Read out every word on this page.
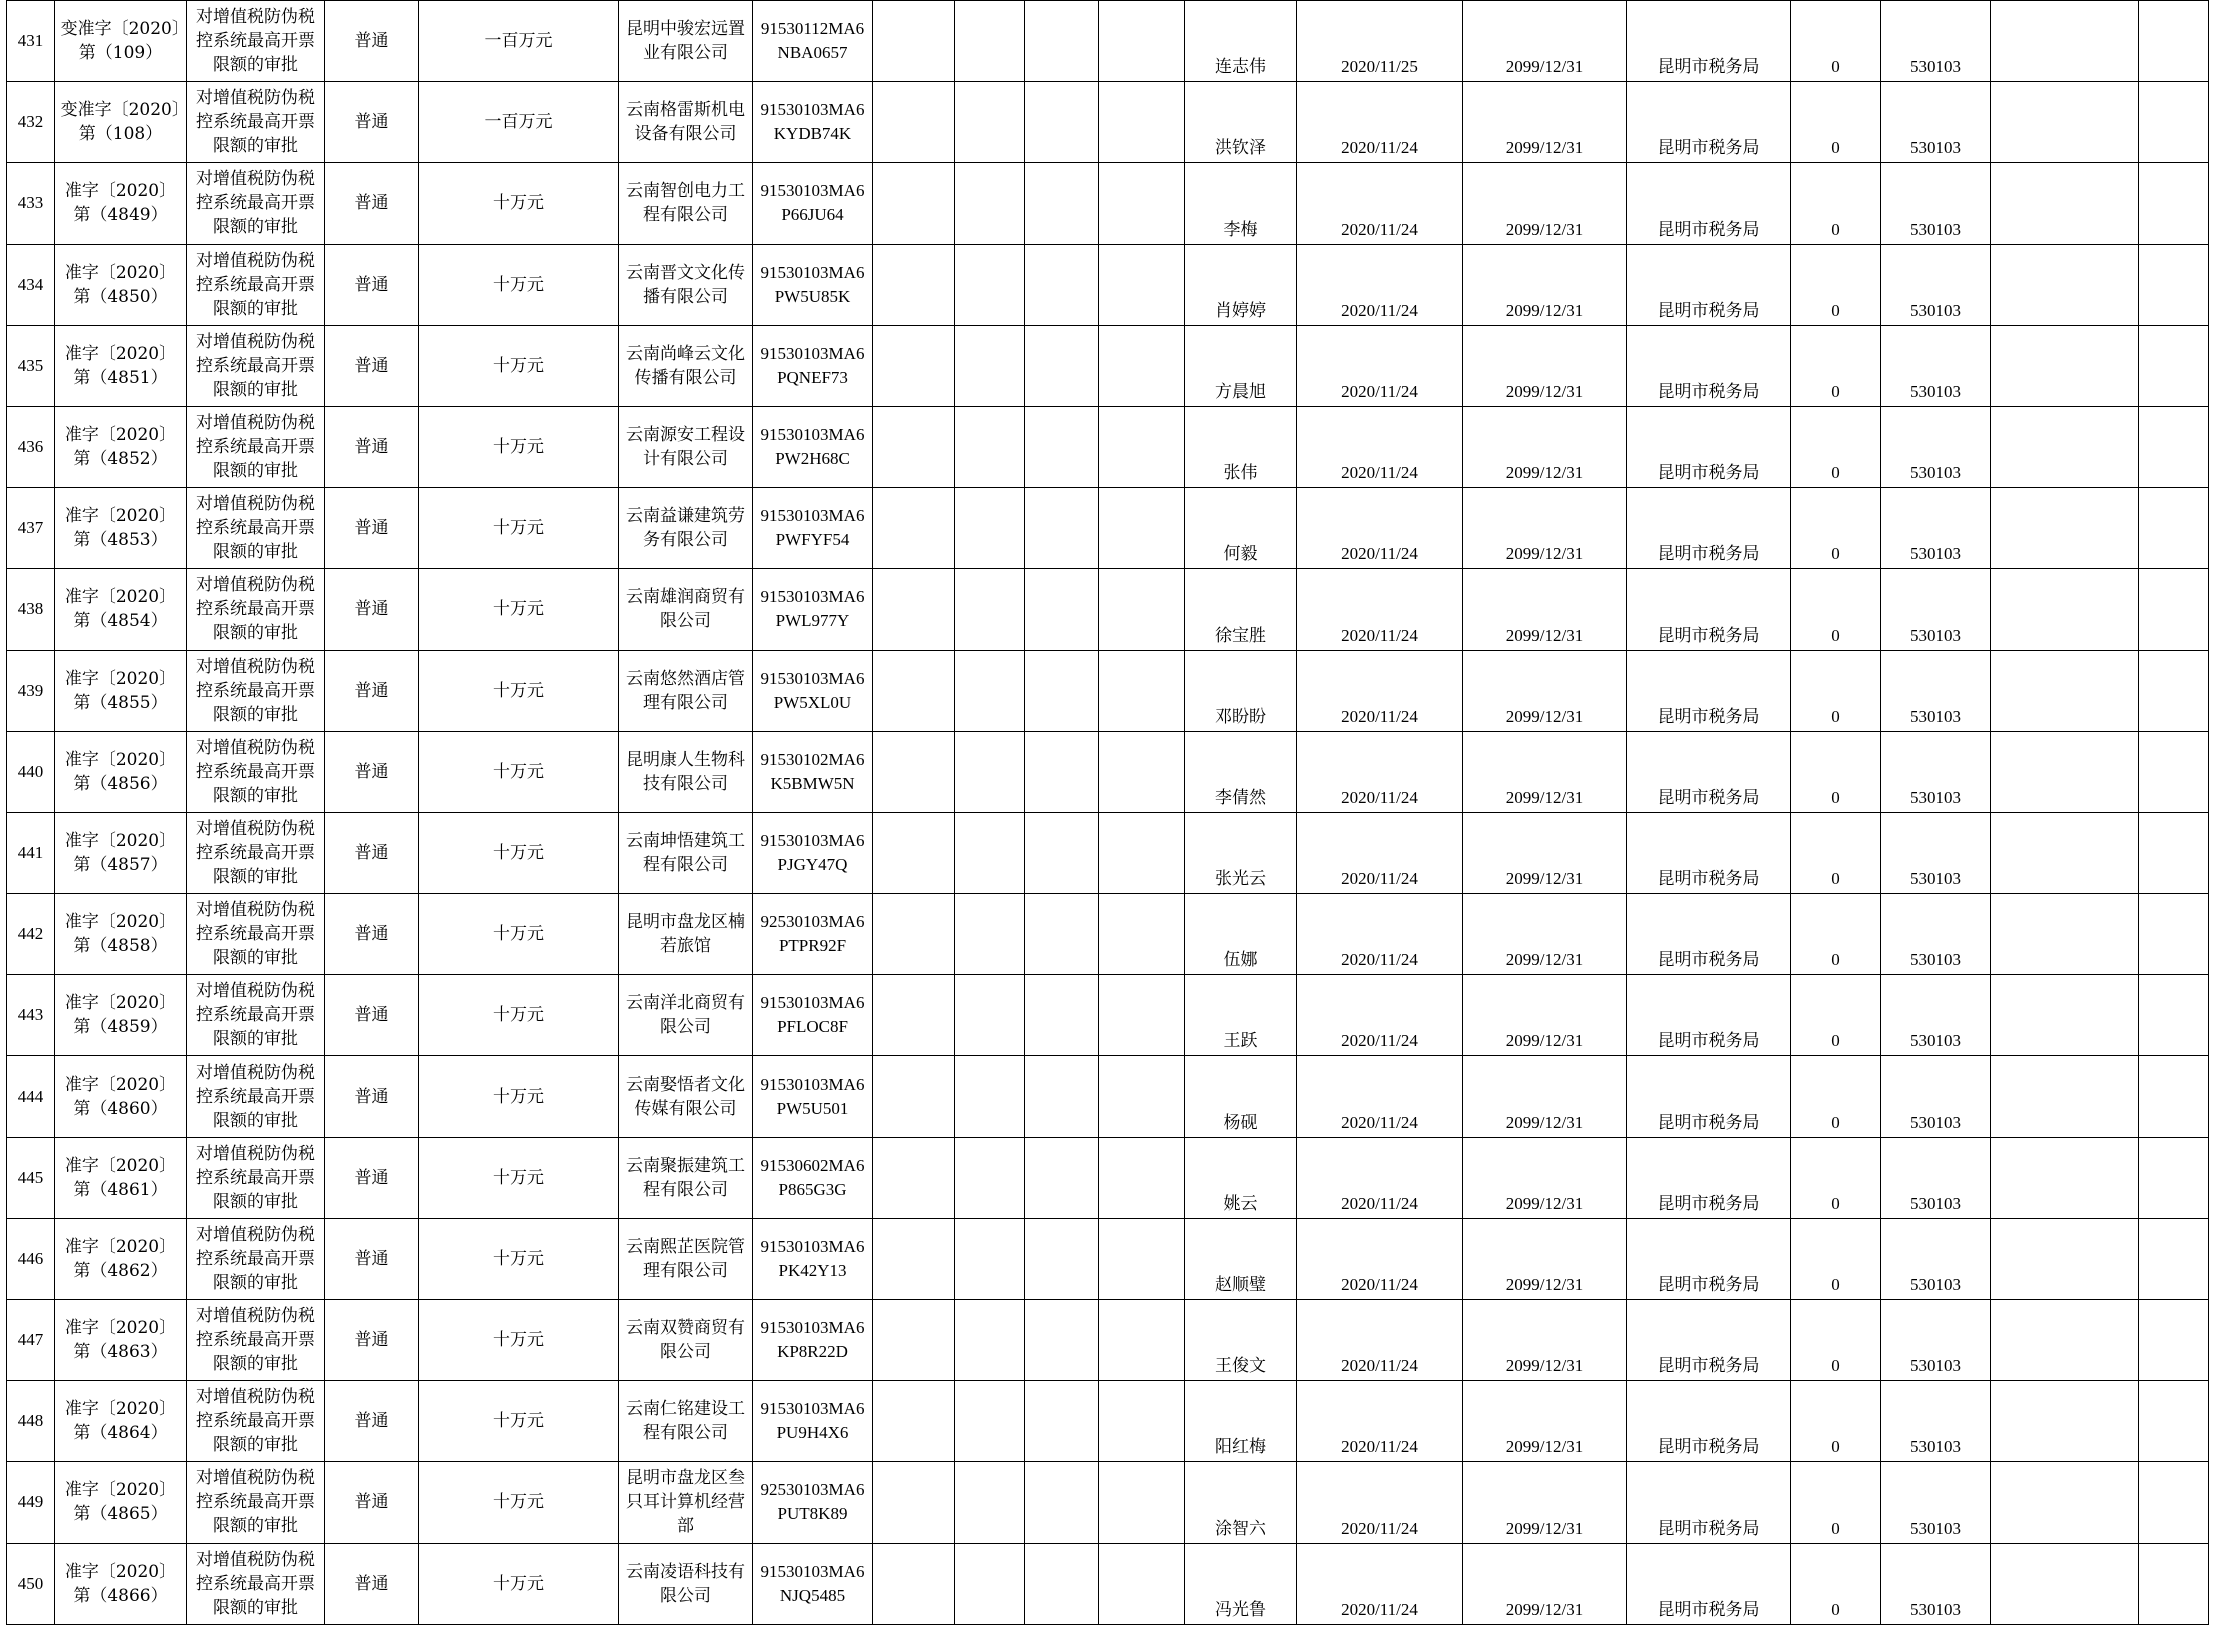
431	变准字〔2020〕第（109）	对增值税防伪税控系统最高开票限额的审批	普通	一百万元	昆明中骏宏远置业有限公司	91530112MA6NBA0657					连志伟	2020/11/25	2099/12/31	昆明市税务局	0	530103		
432	变准字〔2020〕第（108）	对增值税防伪税控系统最高开票限额的审批	普通	一百万元	云南格雷斯机电设备有限公司	91530103MA6KYDB74K					洪钦泽	2020/11/24	2099/12/31	昆明市税务局	0	530103		
433	准字〔2020〕第（4849）	对增值税防伪税控系统最高开票限额的审批	普通	十万元	云南智创电力工程有限公司	91530103MA6P66JU64					李梅	2020/11/24	2099/12/31	昆明市税务局	0	530103		
434	准字〔2020〕第（4850）	对增值税防伪税控系统最高开票限额的审批	普通	十万元	云南晋文文化传播有限公司	91530103MA6PW5U85K					肖婷婷	2020/11/24	2099/12/31	昆明市税务局	0	530103		
435	准字〔2020〕第（4851）	对增值税防伪税控系统最高开票限额的审批	普通	十万元	云南尚峰云文化传播有限公司	91530103MA6PQNEF73					方晨旭	2020/11/24	2099/12/31	昆明市税务局	0	530103		
436	准字〔2020〕第（4852）	对增值税防伪税控系统最高开票限额的审批	普通	十万元	云南源安工程设计有限公司	91530103MA6PW2H68C					张伟	2020/11/24	2099/12/31	昆明市税务局	0	530103		
437	准字〔2020〕第（4853）	对增值税防伪税控系统最高开票限额的审批	普通	十万元	云南益谦建筑劳务有限公司	91530103MA6PWFYF54					何毅	2020/11/24	2099/12/31	昆明市税务局	0	530103		
438	准字〔2020〕第（4854）	对增值税防伪税控系统最高开票限额的审批	普通	十万元	云南雄润商贸有限公司	91530103MA6PWL977Y					徐宝胜	2020/11/24	2099/12/31	昆明市税务局	0	530103		
439	准字〔2020〕第（4855）	对增值税防伪税控系统最高开票限额的审批	普通	十万元	云南悠然酒店管理有限公司	91530103MA6PW5XL0U					邓盼盼	2020/11/24	2099/12/31	昆明市税务局	0	530103		
440	准字〔2020〕第（4856）	对增值税防伪税控系统最高开票限额的审批	普通	十万元	昆明康人生物科技有限公司	91530102MA6K5BMW5N					李倩然	2020/11/24	2099/12/31	昆明市税务局	0	530103		
441	准字〔2020〕第（4857）	对增值税防伪税控系统最高开票限额的审批	普通	十万元	云南坤悟建筑工程有限公司	91530103MA6PJGY47Q					张光云	2020/11/24	2099/12/31	昆明市税务局	0	530103		
442	准字〔2020〕第（4858）	对增值税防伪税控系统最高开票限额的审批	普通	十万元	昆明市盘龙区楠若旅馆	92530103MA6PTPR92F					伍娜	2020/11/24	2099/12/31	昆明市税务局	0	530103		
443	准字〔2020〕第（4859）	对增值税防伪税控系统最高开票限额的审批	普通	十万元	云南洋北商贸有限公司	91530103MA6PFLOC8F					王跃	2020/11/24	2099/12/31	昆明市税务局	0	530103		
444	准字〔2020〕第（4860）	对增值税防伪税控系统最高开票限额的审批	普通	十万元	云南娶悟者文化传媒有限公司	91530103MA6PW5U501					杨砚	2020/11/24	2099/12/31	昆明市税务局	0	530103		
445	准字〔2020〕第（4861）	对增值税防伪税控系统最高开票限额的审批	普通	十万元	云南聚振建筑工程有限公司	91530602MA6P865G3G					姚云	2020/11/24	2099/12/31	昆明市税务局	0	530103		
446	准字〔2020〕第（4862）	对增值税防伪税控系统最高开票限额的审批	普通	十万元	云南熙芷医院管理有限公司	91530103MA6PK42Y13					赵顺璧	2020/11/24	2099/12/31	昆明市税务局	0	530103		
447	准字〔2020〕第（4863）	对增值税防伪税控系统最高开票限额的审批	普通	十万元	云南双赞商贸有限公司	91530103MA6KP8R22D					王俊文	2020/11/24	2099/12/31	昆明市税务局	0	530103		
448	准字〔2020〕第（4864）	对增值税防伪税控系统最高开票限额的审批	普通	十万元	云南仁铭建设工程有限公司	91530103MA6PU9H4X6					阳红梅	2020/11/24	2099/12/31	昆明市税务局	0	530103		
449	准字〔2020〕第（4865）	对增值税防伪税控系统最高开票限额的审批	普通	十万元	昆明市盘龙区叁只耳计算机经营部	92530103MA6PUT8K89					涂智六	2020/11/24	2099/12/31	昆明市税务局	0	530103		
450	准字〔2020〕第（4866）	对增值税防伪税控系统最高开票限额的审批	普通	十万元	云南凌语科技有限公司	91530103MA6NJQ5485					冯光鲁	2020/11/24	2099/12/31	昆明市税务局	0	530103		
